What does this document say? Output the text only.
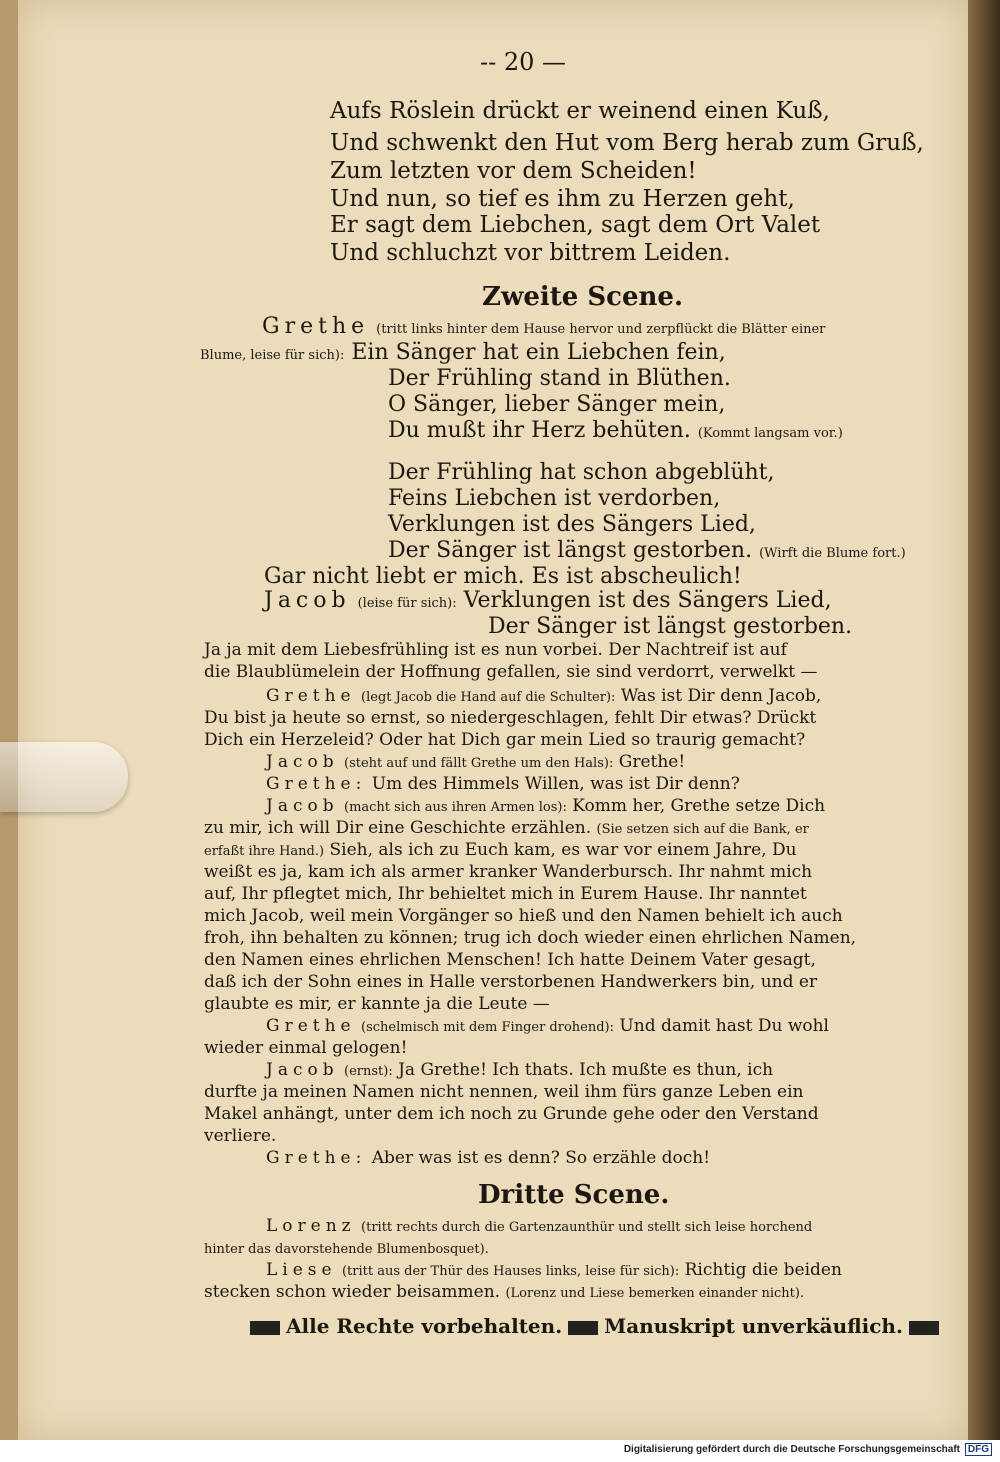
-- 20 —
Aufs Röslein drückt er weinend einen Kuß,
Und schwenkt den Hut vom Berg herab zum Gruß,
Zum letzten vor dem Scheiden!
Und nun, so tief es ihm zu Herzen geht,
Er sagt dem Liebchen, sagt dem Ort Valet
Und schluchzt vor bittrem Leiden.
Zweite Scene.
Grethe (tritt links hinter dem Hause hervor und zerpflückt die Blätter einer
Blume, leise für sich): Ein Sänger hat ein Liebchen fein,
Der Frühling stand in Blüthen.
O Sänger, lieber Sänger mein,
Du mußt ihr Herz behüten. (Kommt langsam vor.)
Der Frühling hat schon abgeblüht,
Feins Liebchen ist verdorben,
Verklungen ist des Sängers Lied,
Der Sänger ist längst gestorben. (Wirft die Blume fort.)
Gar nicht liebt er mich. Es ist abscheulich!
Jacob (leise für sich): Verklungen ist des Sängers Lied,
Der Sänger ist längst gestorben.
Ja ja mit dem Liebesfrühling ist es nun vorbei. Der Nachtreif ist auf
die Blaublümelein der Hoffnung gefallen, sie sind verdorrt, verwelkt —
Grethe (legt Jacob die Hand auf die Schulter): Was ist Dir denn Jacob,
Du bist ja heute so ernst, so niedergeschlagen, fehlt Dir etwas? Drückt
Dich ein Herzeleid? Oder hat Dich gar mein Lied so traurig gemacht?
Jacob (steht auf und fällt Grethe um den Hals): Grethe!
Grethe: Um des Himmels Willen, was ist Dir denn?
Jacob (macht sich aus ihren Armen los): Komm her, Grethe setze Dich
zu mir, ich will Dir eine Geschichte erzählen. (Sie setzen sich auf die Bank, er
erfaßt ihre Hand.) Sieh, als ich zu Euch kam, es war vor einem Jahre, Du
weißt es ja, kam ich als armer kranker Wanderbursch. Ihr nahmt mich
auf, Ihr pflegtet mich, Ihr behieltet mich in Eurem Hause. Ihr nanntet
mich Jacob, weil mein Vorgänger so hieß und den Namen behielt ich auch
froh, ihn behalten zu können; trug ich doch wieder einen ehrlichen Namen,
den Namen eines ehrlichen Menschen! Ich hatte Deinem Vater gesagt,
daß ich der Sohn eines in Halle verstorbenen Handwerkers bin, und er
glaubte es mir, er kannte ja die Leute —
Grethe (schelmisch mit dem Finger drohend): Und damit hast Du wohl
wieder einmal gelogen!
Jacob (ernst): Ja Grethe! Ich thats. Ich mußte es thun, ich
durfte ja meinen Namen nicht nennen, weil ihm fürs ganze Leben ein
Makel anhängt, unter dem ich noch zu Grunde gehe oder den Verstand
verliere.
Grethe: Aber was ist es denn? So erzähle doch!
Dritte Scene.
Lorenz (tritt rechts durch die Gartenzaunthür und stellt sich leise horchend
hinter das davorstehende Blumenbosquet).
Liese (tritt aus der Thür des Hauses links, leise für sich): Richtig die beiden
stecken schon wieder beisammen. (Lorenz und Liese bemerken einander nicht).
Alle Rechte vorbehalten. Manuskript unverkäuflich.
Digitalisierung gefördert durch die Deutsche Forschungsgemeinschaft DFG
